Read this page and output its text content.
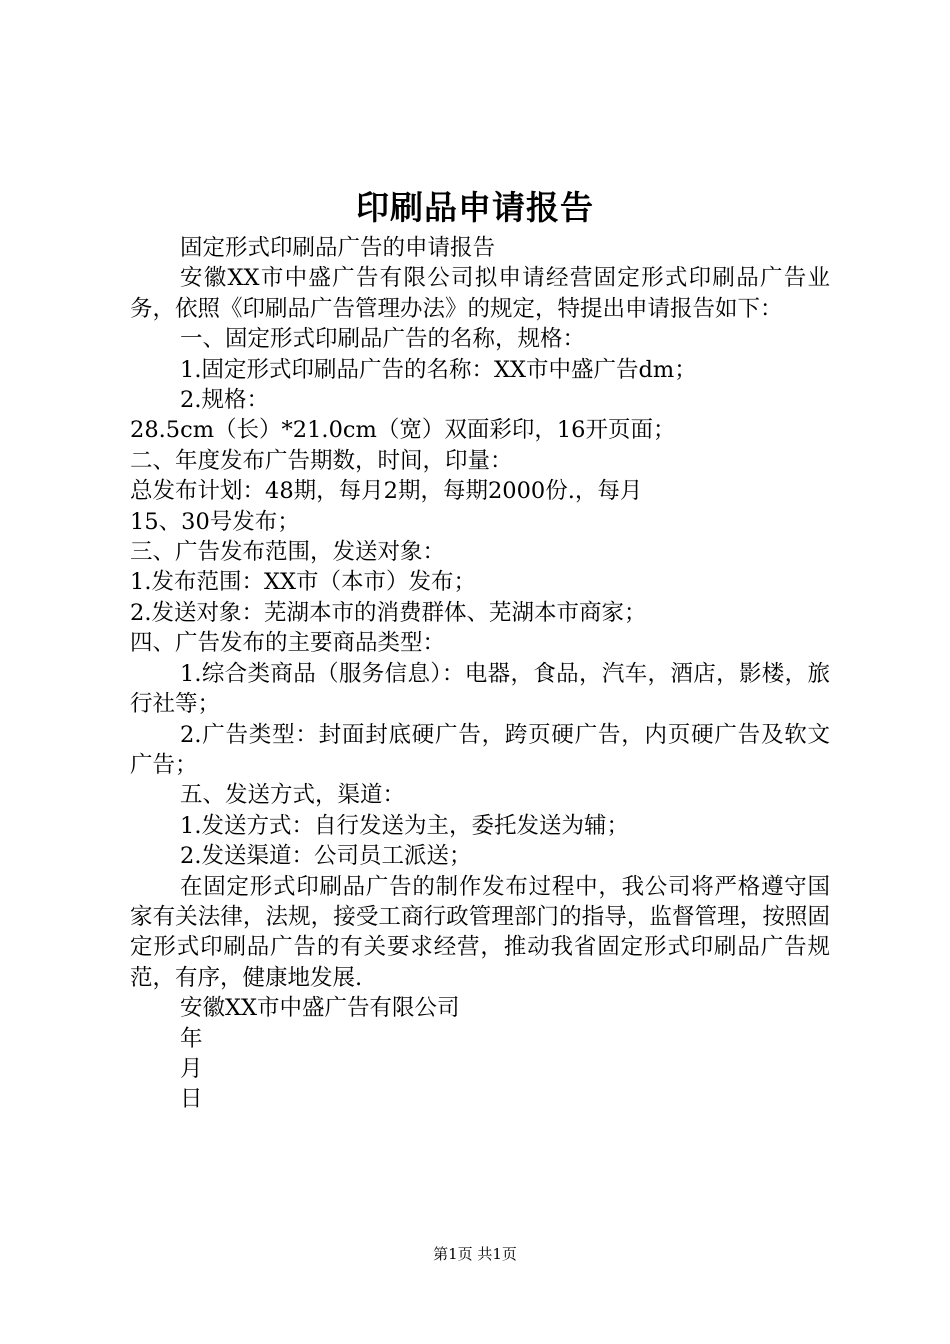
印刷品申请报告

固定形式印刷品广告的申请报告

安徽XX市中盛广告有限公司拟申请经营固定形式印刷品广告业务，依照《印刷品广告管理办法》的规定，特提出申请报告如下：

一、固定形式印刷品广告的名称，规格：

1.固定形式印刷品广告的名称：XX市中盛广告dm；

2.规格：

28.5cm（长）*21.0cm（宽）双面彩印，16开页面；

二、年度发布广告期数，时间，印量：

总发布计划：48期，每月2期，每期2000份.，每月

15、30号发布；

三、广告发布范围，发送对象：

1.发布范围：XX市（本市）发布；

2.发送对象：芜湖本市的消费群体、芜湖本市商家；

四、广告发布的主要商品类型：

1.综合类商品（服务信息）：电器，食品，汽车，酒店，影楼，旅行社等；

2.广告类型：封面封底硬广告，跨页硬广告，内页硬广告及软文广告；

五、发送方式，渠道：

1.发送方式：自行发送为主，委托发送为辅；

2.发送渠道：公司员工派送；

在固定形式印刷品广告的制作发布过程中，我公司将严格遵守国家有关法律，法规，接受工商行政管理部门的指导，监督管理，按照固定形式印刷品广告的有关要求经营，推动我省固定形式印刷品广告规范，有序，健康地发展.

安徽XX市中盛广告有限公司

年

月

日

第1页 共1页
